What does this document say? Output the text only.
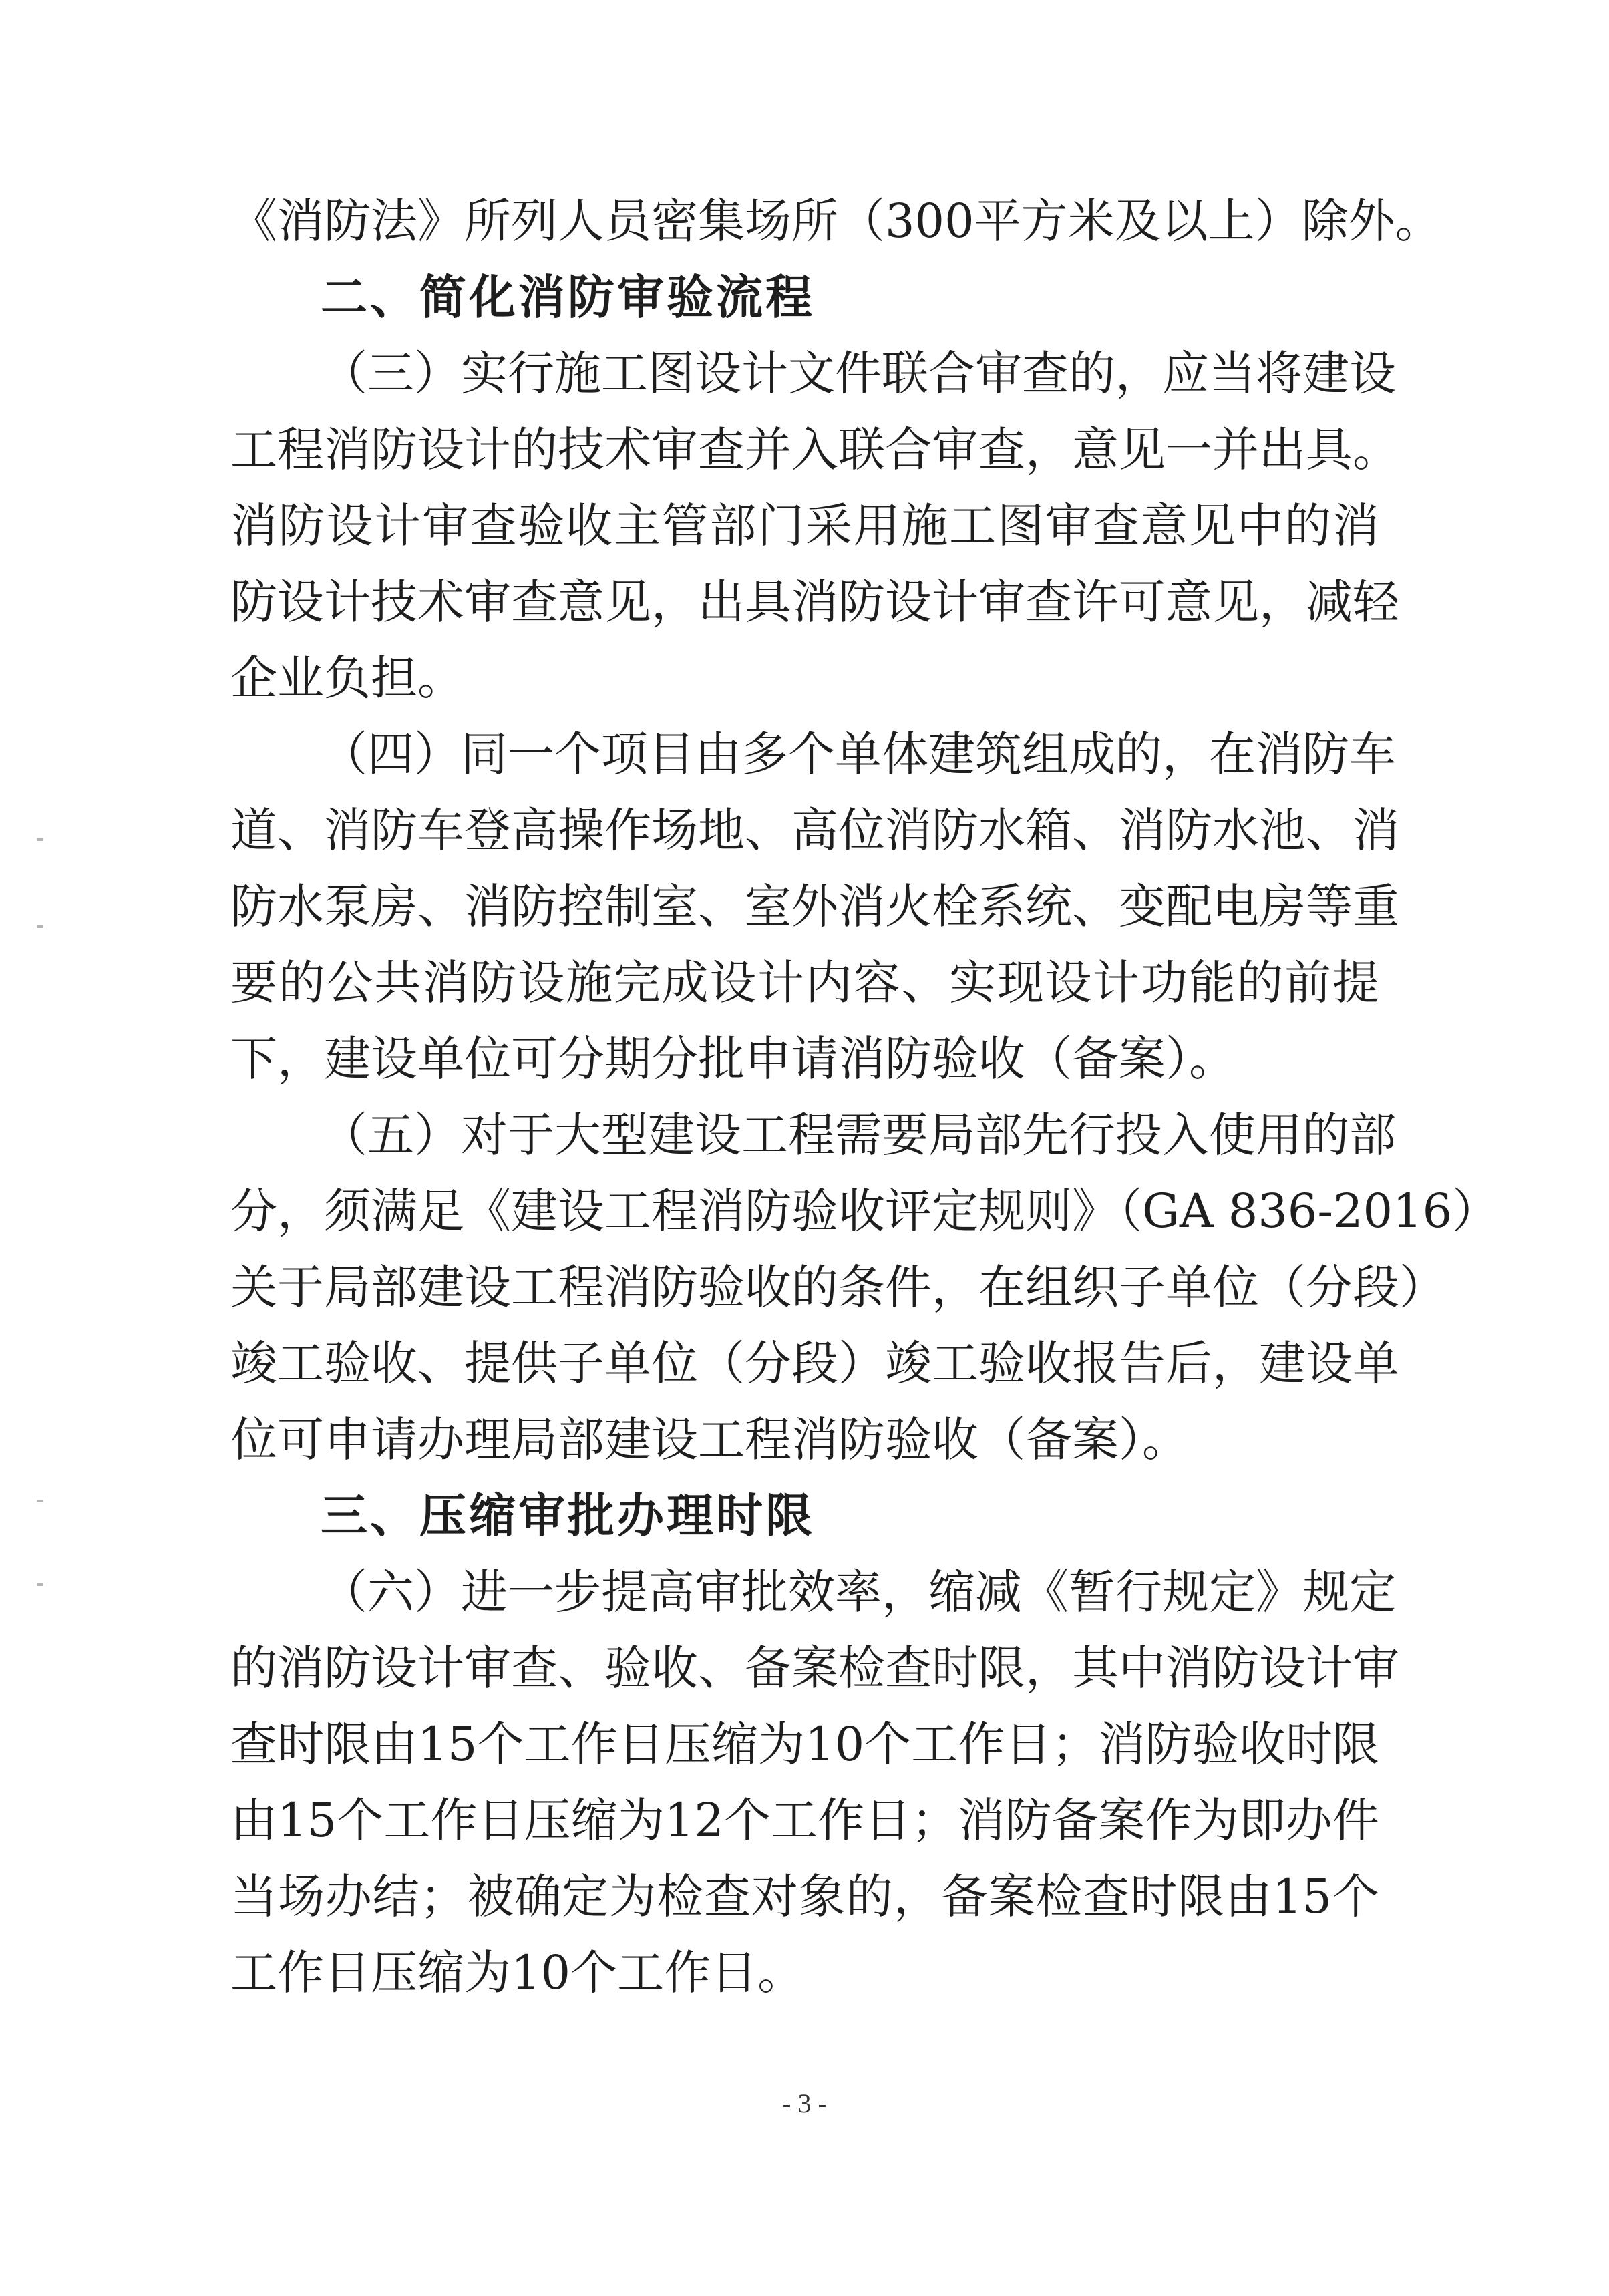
《消防法》所列人员密集场所（300平方米及以上）除外。
二、简化消防审验流程
（三）实行施工图设计文件联合审查的，应当将建设
工程消防设计的技术审查并入联合审查，意见一并出具。
消防设计审查验收主管部门采用施工图审查意见中的消
防设计技术审查意见，出具消防设计审查许可意见，减轻
企业负担。
（四）同一个项目由多个单体建筑组成的，在消防车
道、消防车登高操作场地、高位消防水箱、消防水池、消
防水泵房、消防控制室、室外消火栓系统、变配电房等重
要的公共消防设施完成设计内容、实现设计功能的前提
下，建设单位可分期分批申请消防验收（备案）。
（五）对于大型建设工程需要局部先行投入使用的部
分，须满足《建设工程消防验收评定规则》（GA 836-2016）
关于局部建设工程消防验收的条件，在组织子单位（分段）
竣工验收、提供子单位（分段）竣工验收报告后，建设单
位可申请办理局部建设工程消防验收（备案）。
三、压缩审批办理时限
（六）进一步提高审批效率，缩减《暂行规定》规定
的消防设计审查、验收、备案检查时限，其中消防设计审
查时限由15个工作日压缩为10个工作日；消防验收时限
由15个工作日压缩为12个工作日；消防备案作为即办件
当场办结；被确定为检查对象的，备案检查时限由15个
工作日压缩为10个工作日。
- 3 -
